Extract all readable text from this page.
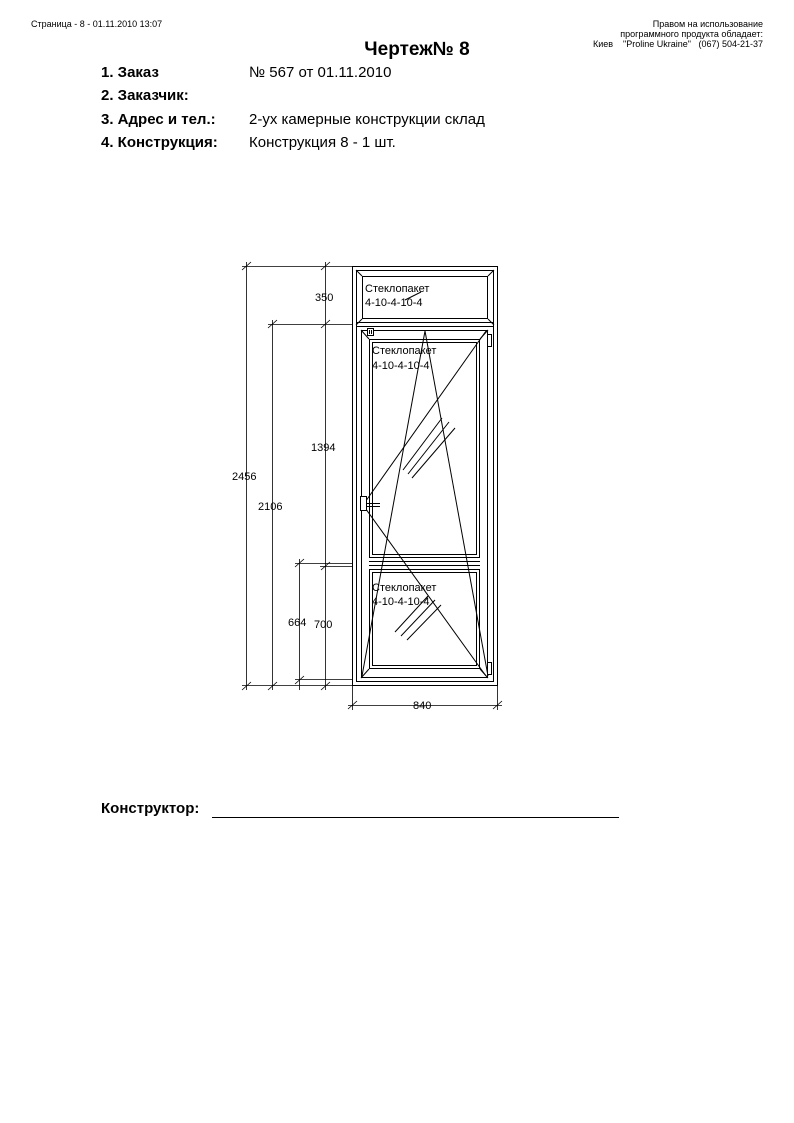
Страница - 8 - 01.11.2010 13:07	Правом на использование
программного продукта обладает:
Киев    "Proline Ukraine"   (067) 504-21-37
Чертеж№ 8
1. Заказ	№ 567 от 01.11.2010
2. Заказчик:
3. Адрес и тел.: 2-ух камерные конструкции склад
4. Конструкция: Конструкция 8 - 1 шт.
2456
2106
350
1394
664 700
840
Стеклопакет
4-10-4-10-4
Стеклопакет
4-10-4-10-4
Стеклопакет
4-10-4-10-4
Конструктор:
